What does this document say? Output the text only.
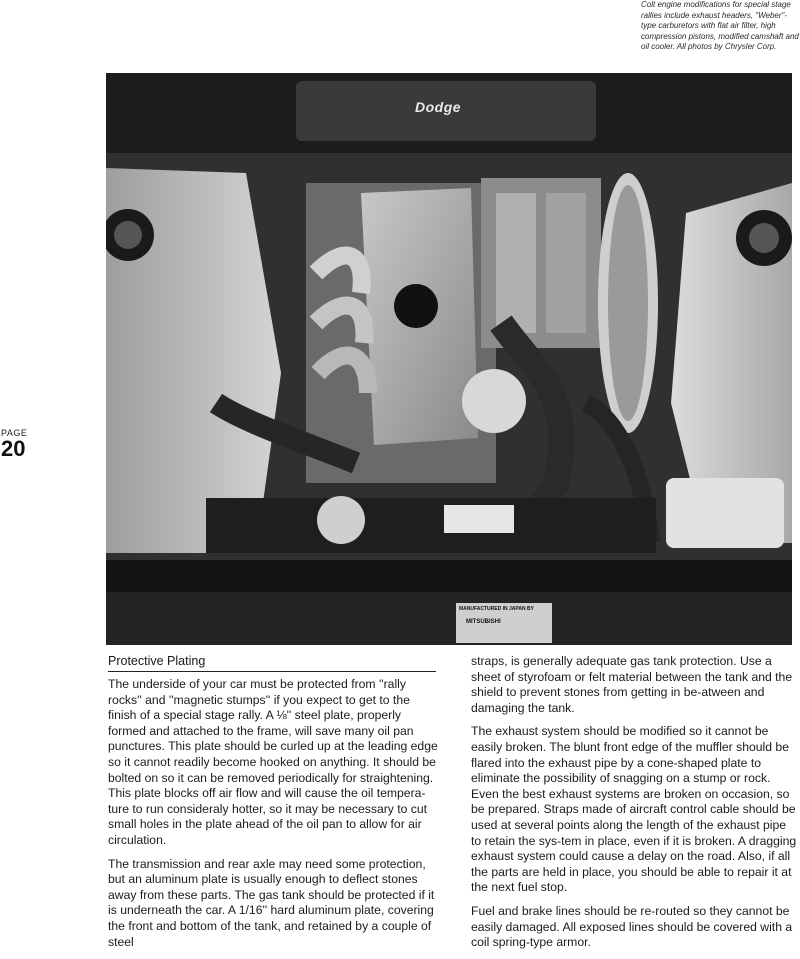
Colt engine modifications for special stage rallies include exhaust headers, "Weber"-type carburetors with flat air filter, high compression pistons, modified camshaft and oil cooler. All photos by Chrysler Corp.
Dodge
MANUFACTURED IN JAPAN BY
MITSUBISHI
PAGE
20
Protective Plating

The underside of your car must be protected from ''rally rocks'' and ''magnetic stumps'' if you expect to get to the finish of a special stage rally. A ⅛'' steel plate, properly formed and attached to the frame, will save many oil pan punctures. This plate should be curled up at the leading edge so it cannot readily become hooked on anything. It should be bolted on so it can be removed periodically for straightening. This plate blocks off air flow and will cause the oil tempera-ture to run consideraly hotter, so it may be necessary to cut small holes in the plate ahead of the oil pan to allow for air circulation.

The transmission and rear axle may need some protection, but an aluminum plate is usually enough to deflect stones away from these parts. The gas tank should be protected if it is underneath the car. A 1/16'' hard aluminum plate, covering the front and bottom of the tank, and retained by a couple of steel

straps, is generally adequate gas tank protection. Use a sheet of styrofoam or felt material between the tank and the shield to prevent stones from getting in be-atween and damaging the tank.

The exhaust system should be modified so it cannot be easily broken. The blunt front edge of the muffler should be flared into the exhaust pipe by a cone-shaped plate to eliminate the possibility of snagging on a stump or rock. Even the best exhaust systems are broken on occasion, so be prepared. Straps made of aircraft control cable should be used at several points along the length of the exhaust pipe to retain the sys-tem in place, even if it is broken. A dragging exhaust system could cause a delay on the road. Also, if all the parts are held in place, you should be able to repair it at the next fuel stop.

Fuel and brake lines should be re-routed so they cannot be easily damaged. All exposed lines should be covered with a coil spring-type armor.
